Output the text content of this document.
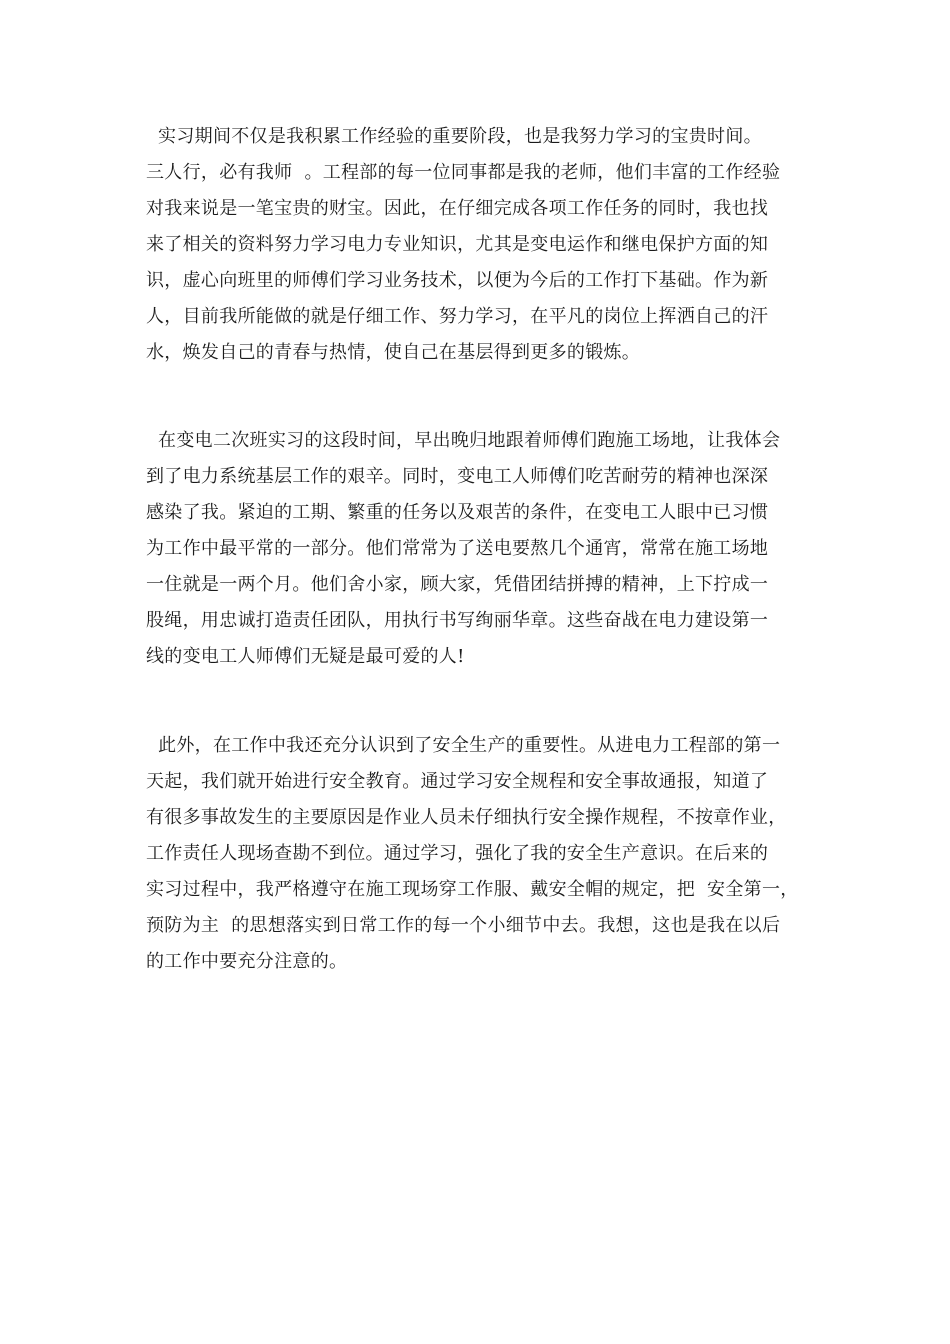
实习期间不仅是我积累工作经验的重要阶段，也是我努力学习的宝贵时间。
三人行，必有我师  。工程部的每一位同事都是我的老师，他们丰富的工作经验
对我来说是一笔宝贵的财宝。因此，在仔细完成各项工作任务的同时，我也找
来了相关的资料努力学习电力专业知识，尤其是变电运作和继电保护方面的知
识，虚心向班里的师傅们学习业务技术，以便为今后的工作打下基础。作为新
人，目前我所能做的就是仔细工作、努力学习，在平凡的岗位上挥洒自己的汗
水，焕发自己的青春与热情，使自己在基层得到更多的锻炼。
在变电二次班实习的这段时间，早出晚归地跟着师傅们跑施工场地，让我体会
到了电力系统基层工作的艰辛。同时，变电工人师傅们吃苦耐劳的精神也深深
感染了我。紧迫的工期、繁重的任务以及艰苦的条件，在变电工人眼中已习惯
为工作中最平常的一部分。他们常常为了送电要熬几个通宵，常常在施工场地
一住就是一两个月。他们舍小家，顾大家，凭借团结拼搏的精神，上下拧成一
股绳，用忠诚打造责任团队，用执行书写绚丽华章。这些奋战在电力建设第一
线的变电工人师傅们无疑是最可爱的人!
此外，在工作中我还充分认识到了安全生产的重要性。从进电力工程部的第一
天起，我们就开始进行安全教育。通过学习安全规程和安全事故通报，知道了
有很多事故发生的主要原因是作业人员未仔细执行安全操作规程，不按章作业，
工作责任人现场查勘不到位。通过学习，强化了我的安全生产意识。在后来的
实习过程中，我严格遵守在施工现场穿工作服、戴安全帽的规定，把  安全第一，
预防为主  的思想落实到日常工作的每一个小细节中去。我想，这也是我在以后
的工作中要充分注意的。
